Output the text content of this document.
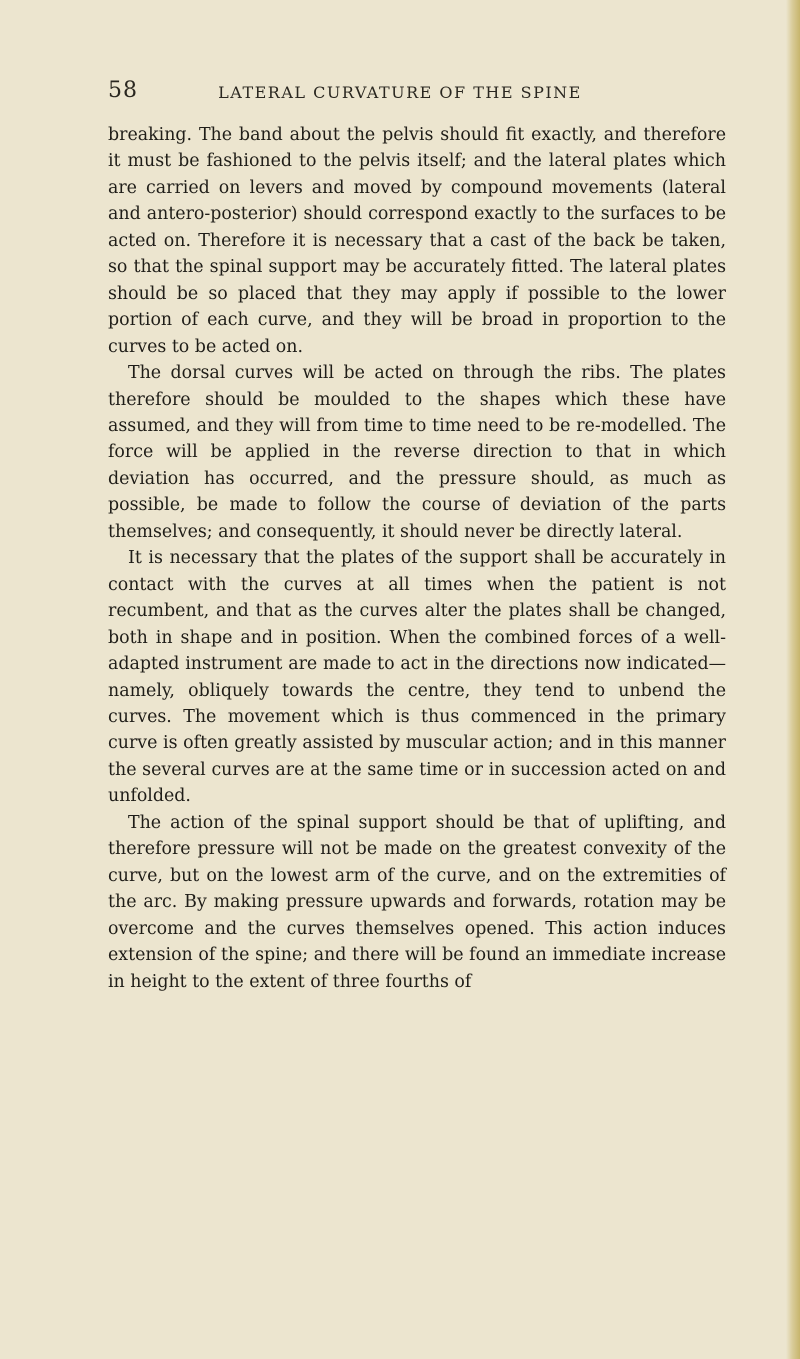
58	LATERAL CURVATURE OF THE SPINE

breaking. The band about the pelvis should fit exactly, and therefore it must be fashioned to the pelvis itself; and the lateral plates which are carried on levers and moved by compound movements (lateral and antero-posterior) should correspond exactly to the surfaces to be acted on. Therefore it is necessary that a cast of the back be taken, so that the spinal support may be accurately fitted. The lateral plates should be so placed that they may apply if possible to the lower portion of each curve, and they will be broad in proportion to the curves to be acted on.

The dorsal curves will be acted on through the ribs. The plates therefore should be moulded to the shapes which these have assumed, and they will from time to time need to be re-modelled. The force will be applied in the reverse direction to that in which deviation has occurred, and the pressure should, as much as possible, be made to follow the course of deviation of the parts themselves; and consequently, it should never be directly lateral.

It is necessary that the plates of the support shall be accurately in contact with the curves at all times when the patient is not recumbent, and that as the curves alter the plates shall be changed, both in shape and in position. When the combined forces of a well-adapted instrument are made to act in the directions now indicated—namely, obliquely towards the centre, they tend to unbend the curves. The movement which is thus commenced in the primary curve is often greatly assisted by muscular action; and in this manner the several curves are at the same time or in succession acted on and unfolded.

The action of the spinal support should be that of uplifting, and therefore pressure will not be made on the greatest convexity of the curve, but on the lowest arm of the curve, and on the extremities of the arc. By making pressure upwards and forwards, rotation may be overcome and the curves themselves opened. This action induces extension of the spine; and there will be found an immediate increase in height to the extent of three fourths of
